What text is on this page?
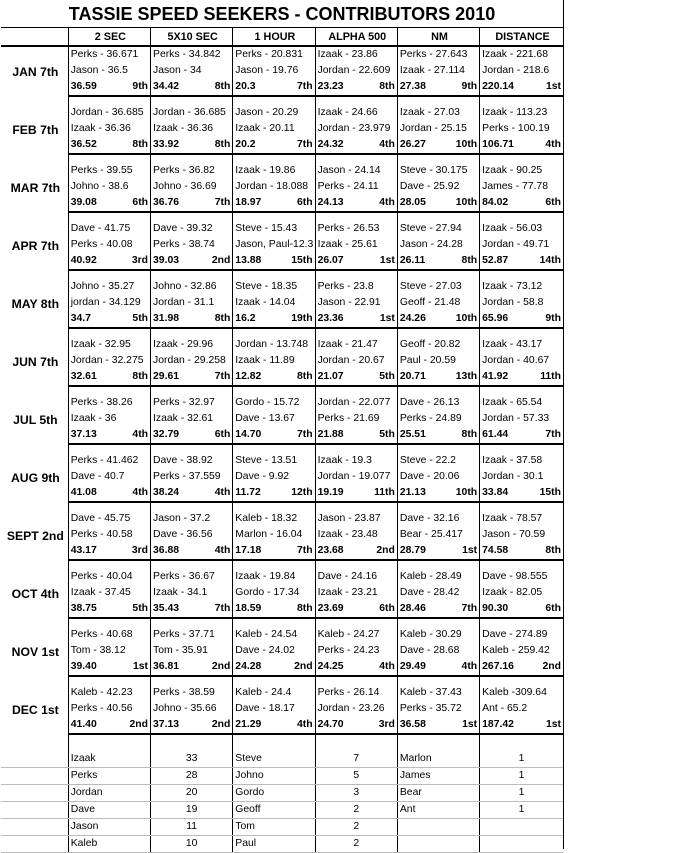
TASSIE SPEED SEEKERS - CONTRIBUTORS 2010
	2 SEC	5X10 SEC	1 HOUR	ALPHA 500	NM	DISTANCE
JAN 7th	Perks - 36.671	Perks - 34.842	Perks - 20.831	Izaak - 23.86	Perks - 27.643	Izaak - 221.68
	Jason - 36.5	Jason - 34	Jason - 19.76	Jordan - 22.609	Izaak - 27.114	Jordan - 218.6

	36.59 9th	34.42 8th	20.3 7th	23.23 8th	27.38 9th	220.14 1st

FEB 7th	Jordan - 36.685	Jordan - 36.685	Jason - 20.29	Izaak - 24.66	Izaak - 27.03	Izaak - 113.23
	Izaak - 36.36	Izaak - 36.36	Izaak - 20.11	Jordan - 23.979	Jordan - 25.15	Perks - 100.19

	36.52 8th	33.92 8th	20.2 7th	24.32 4th	26.27 10th	106.71 4th

MAR 7th	Perks - 39.55	Perks - 36.82	Izaak - 19.86	Jason - 24.14	Steve - 30.175	Izaak - 90.25
	Johno - 38.6	Johno - 36.69	Jordan - 18.088	Perks - 24.11	Dave - 25.92	James - 77.78

	39.08 6th	36.76 7th	18.97 6th	24.13 4th	28.05 10th	84.02 6th

APR 7th	Dave - 41.75	Dave - 39.32	Steve - 15.43	Perks - 26.53	Steve - 27.94	Izaak - 56.03
	Perks - 40.08	Perks - 38.74	Jason, Paul-12.3	Izaak - 25.61	Jason - 24.28	Jordan - 49.71

	40.92 3rd	39.03 2nd	13.88 15th	26.07 1st	26.11 8th	52.87 14th

MAY 8th	Johno - 35.27	Johno - 32.86	Steve - 18.35	Perks - 23.8	Steve - 27.03	Izaak - 73.12
	jordan - 34.129	Jordan - 31.1	Izaak - 14.04	Jason - 22.91	Geoff - 21.48	Jordan - 58.8

	34.7 5th	31.98 8th	16.2 19th	23.36 1st	24.26 10th	65.96 9th

JUN 7th	Izaak - 32.95	Izaak - 29.96	Jordan - 13.748	Izaak - 21.47	Geoff - 20.82	Izaak - 43.17
	Jordan - 32.275	Jordan - 29.258	Izaak - 11.89	Jordan - 20.67	Paul - 20.59	Jordan - 40.67

	32.61 8th	29.61 7th	12.82 8th	21.07 5th	20.71 13th	41.92 11th

JUL 5th	Perks - 38.26	Perks - 32.97	Gordo - 15.72	Jordan - 22.077	Dave - 26.13	Izaak - 65.54
	Izaak - 36	Izaak - 32.61	Dave - 13.67	Perks - 21.69	Perks - 24.89	Jordan - 57.33

	37.13 4th	32.79 6th	14.70 7th	21.88 5th	25.51 8th	61.44 7th

AUG 9th	Perks - 41.462	Dave - 38.92	Steve - 13.51	Izaak - 19.3	Steve - 22.2	Izaak - 37.58
	Dave - 40.7	Perks - 37.559	Dave - 9.92	Jordan - 19.077	Dave - 20.06	Jordan - 30.1

	41.08 4th	38.24 4th	11.72 12th	19.19 11th	21.13 10th	33.84 15th

SEPT 2nd	Dave - 45.75	Jason - 37.2	Kaleb - 18.32	Jason - 23.87	Dave - 32.16	Izaak - 78.57
	Perks - 40.58	Dave - 36.56	Marlon - 16.04	Izaak - 23.48	Bear - 25.417	Jason - 70.59

	43.17 3rd	36.88 4th	17.18 7th	23.68 2nd	28.79 1st	74.58 8th

OCT 4th	Perks - 40.04	Perks - 36.67	Izaak - 19.84	Dave - 24.16	Kaleb - 28.49	Dave - 98.555
	Izaak - 37.45	Izaak - 34.1	Gordo - 17.34	Izaak - 23.21	Dave - 28.42	Izaak - 82.05

	38.75 5th	35.43 7th	18.59 8th	23.69 6th	28.46 7th	90.30 6th

NOV 1st	Perks - 40.68	Perks - 37.71	Kaleb - 24.54	Kaleb - 24.27	Kaleb - 30.29	Dave - 274.89
	Tom - 38.12	Tom - 35.91	Dave - 24.02	Perks - 24.23	Dave - 28.68	Kaleb - 259.42

	39.40 1st	36.81 2nd	24.28 2nd	24.25 4th	29.49 4th	267.16 2nd

DEC 1st	Kaleb - 42.23	Perks - 38.59	Kaleb - 24.4	Perks - 26.14	Kaleb - 37.43	Kaleb -309.64
	Perks - 40.56	Johno - 35.66	Dave - 18.17	Jordan - 23.26	Perks - 35.72	Ant - 65.2

	41.40 2nd	37.13 2nd	21.29 4th	24.70 3rd	36.58 1st	187.42 1st

	Izaak	33	Steve	7	Marlon	1
	Perks	28	Johno	5	James	1
	Jordan	20	Gordo	3	Bear	1
	Dave	19	Geoff	2	Ant	1
	Jason	11	Tom	2		
	Kaleb	10	Paul	2		
